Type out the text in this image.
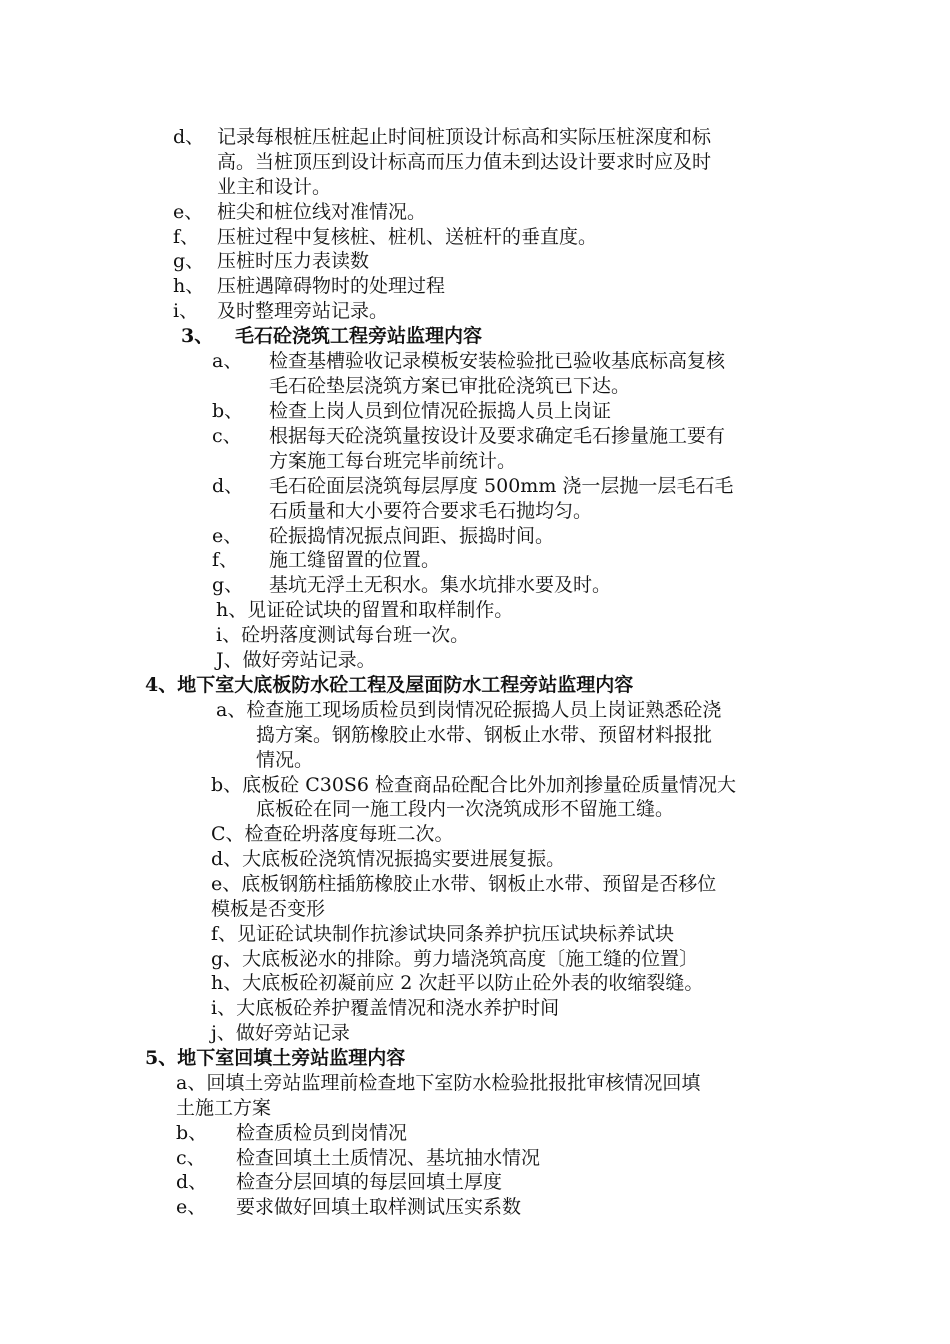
d、 记录每根桩压桩起止时间桩顶设计标高和实际压桩深度和标
高。当桩顶压到设计标高而压力值未到达设计要求时应及时
业主和设计。
e、 桩尖和桩位线对准情况。
f、 压桩过程中复核桩、桩机、送桩杆的垂直度。
g、 压桩时压力表读数
h、 压桩遇障碍物时的处理过程
i、 及时整理旁站记录。
3、 毛石砼浇筑工程旁站监理内容
a、 检查基槽验收记录模板安装检验批已验收基底标高复核
毛石砼垫层浇筑方案已审批砼浇筑已下达。
b、 检查上岗人员到位情况砼振捣人员上岗证
c、 根据每天砼浇筑量按设计及要求确定毛石掺量施工要有
方案施工每台班完毕前统计。
d、 毛石砼面层浇筑每层厚度 500mm 浇一层抛一层毛石毛
石质量和大小要符合要求毛石抛均匀。
e、 砼振捣情况振点间距、振捣时间。
f、 施工缝留置的位置。
g、 基坑无浮土无积水。集水坑排水要及时。
h、见证砼试块的留置和取样制作。
i、砼坍落度测试每台班一次。
J、做好旁站记录。
4、地下室大底板防水砼工程及屋面防水工程旁站监理内容
a、检查施工现场质检员到岗情况砼振捣人员上岗证熟悉砼浇
捣方案。钢筋橡胶止水带、钢板止水带、预留材料报批
情况。
b、底板砼 C30S6 检查商品砼配合比外加剂掺量砼质量情况大
底板砼在同一施工段内一次浇筑成形不留施工缝。
C、检查砼坍落度每班二次。
d、大底板砼浇筑情况振捣实要进展复振。
e、底板钢筋柱插筋橡胶止水带、钢板止水带、预留是否移位
模板是否变形
f、见证砼试块制作抗渗试块同条养护抗压试块标养试块
g、大底板泌水的排除。剪力墙浇筑高度〔施工缝的位置〕
h、大底板砼初凝前应 2 次赶平以防止砼外表的收缩裂缝。
i、大底板砼养护覆盖情况和浇水养护时间
j、做好旁站记录
5、地下室回填土旁站监理内容
a、回填土旁站监理前检查地下室防水检验批报批审核情况回填
土施工方案
b、 检查质检员到岗情况
c、 检查回填土土质情况、基坑抽水情况
d、 检查分层回填的每层回填土厚度
e、 要求做好回填土取样测试压实系数
